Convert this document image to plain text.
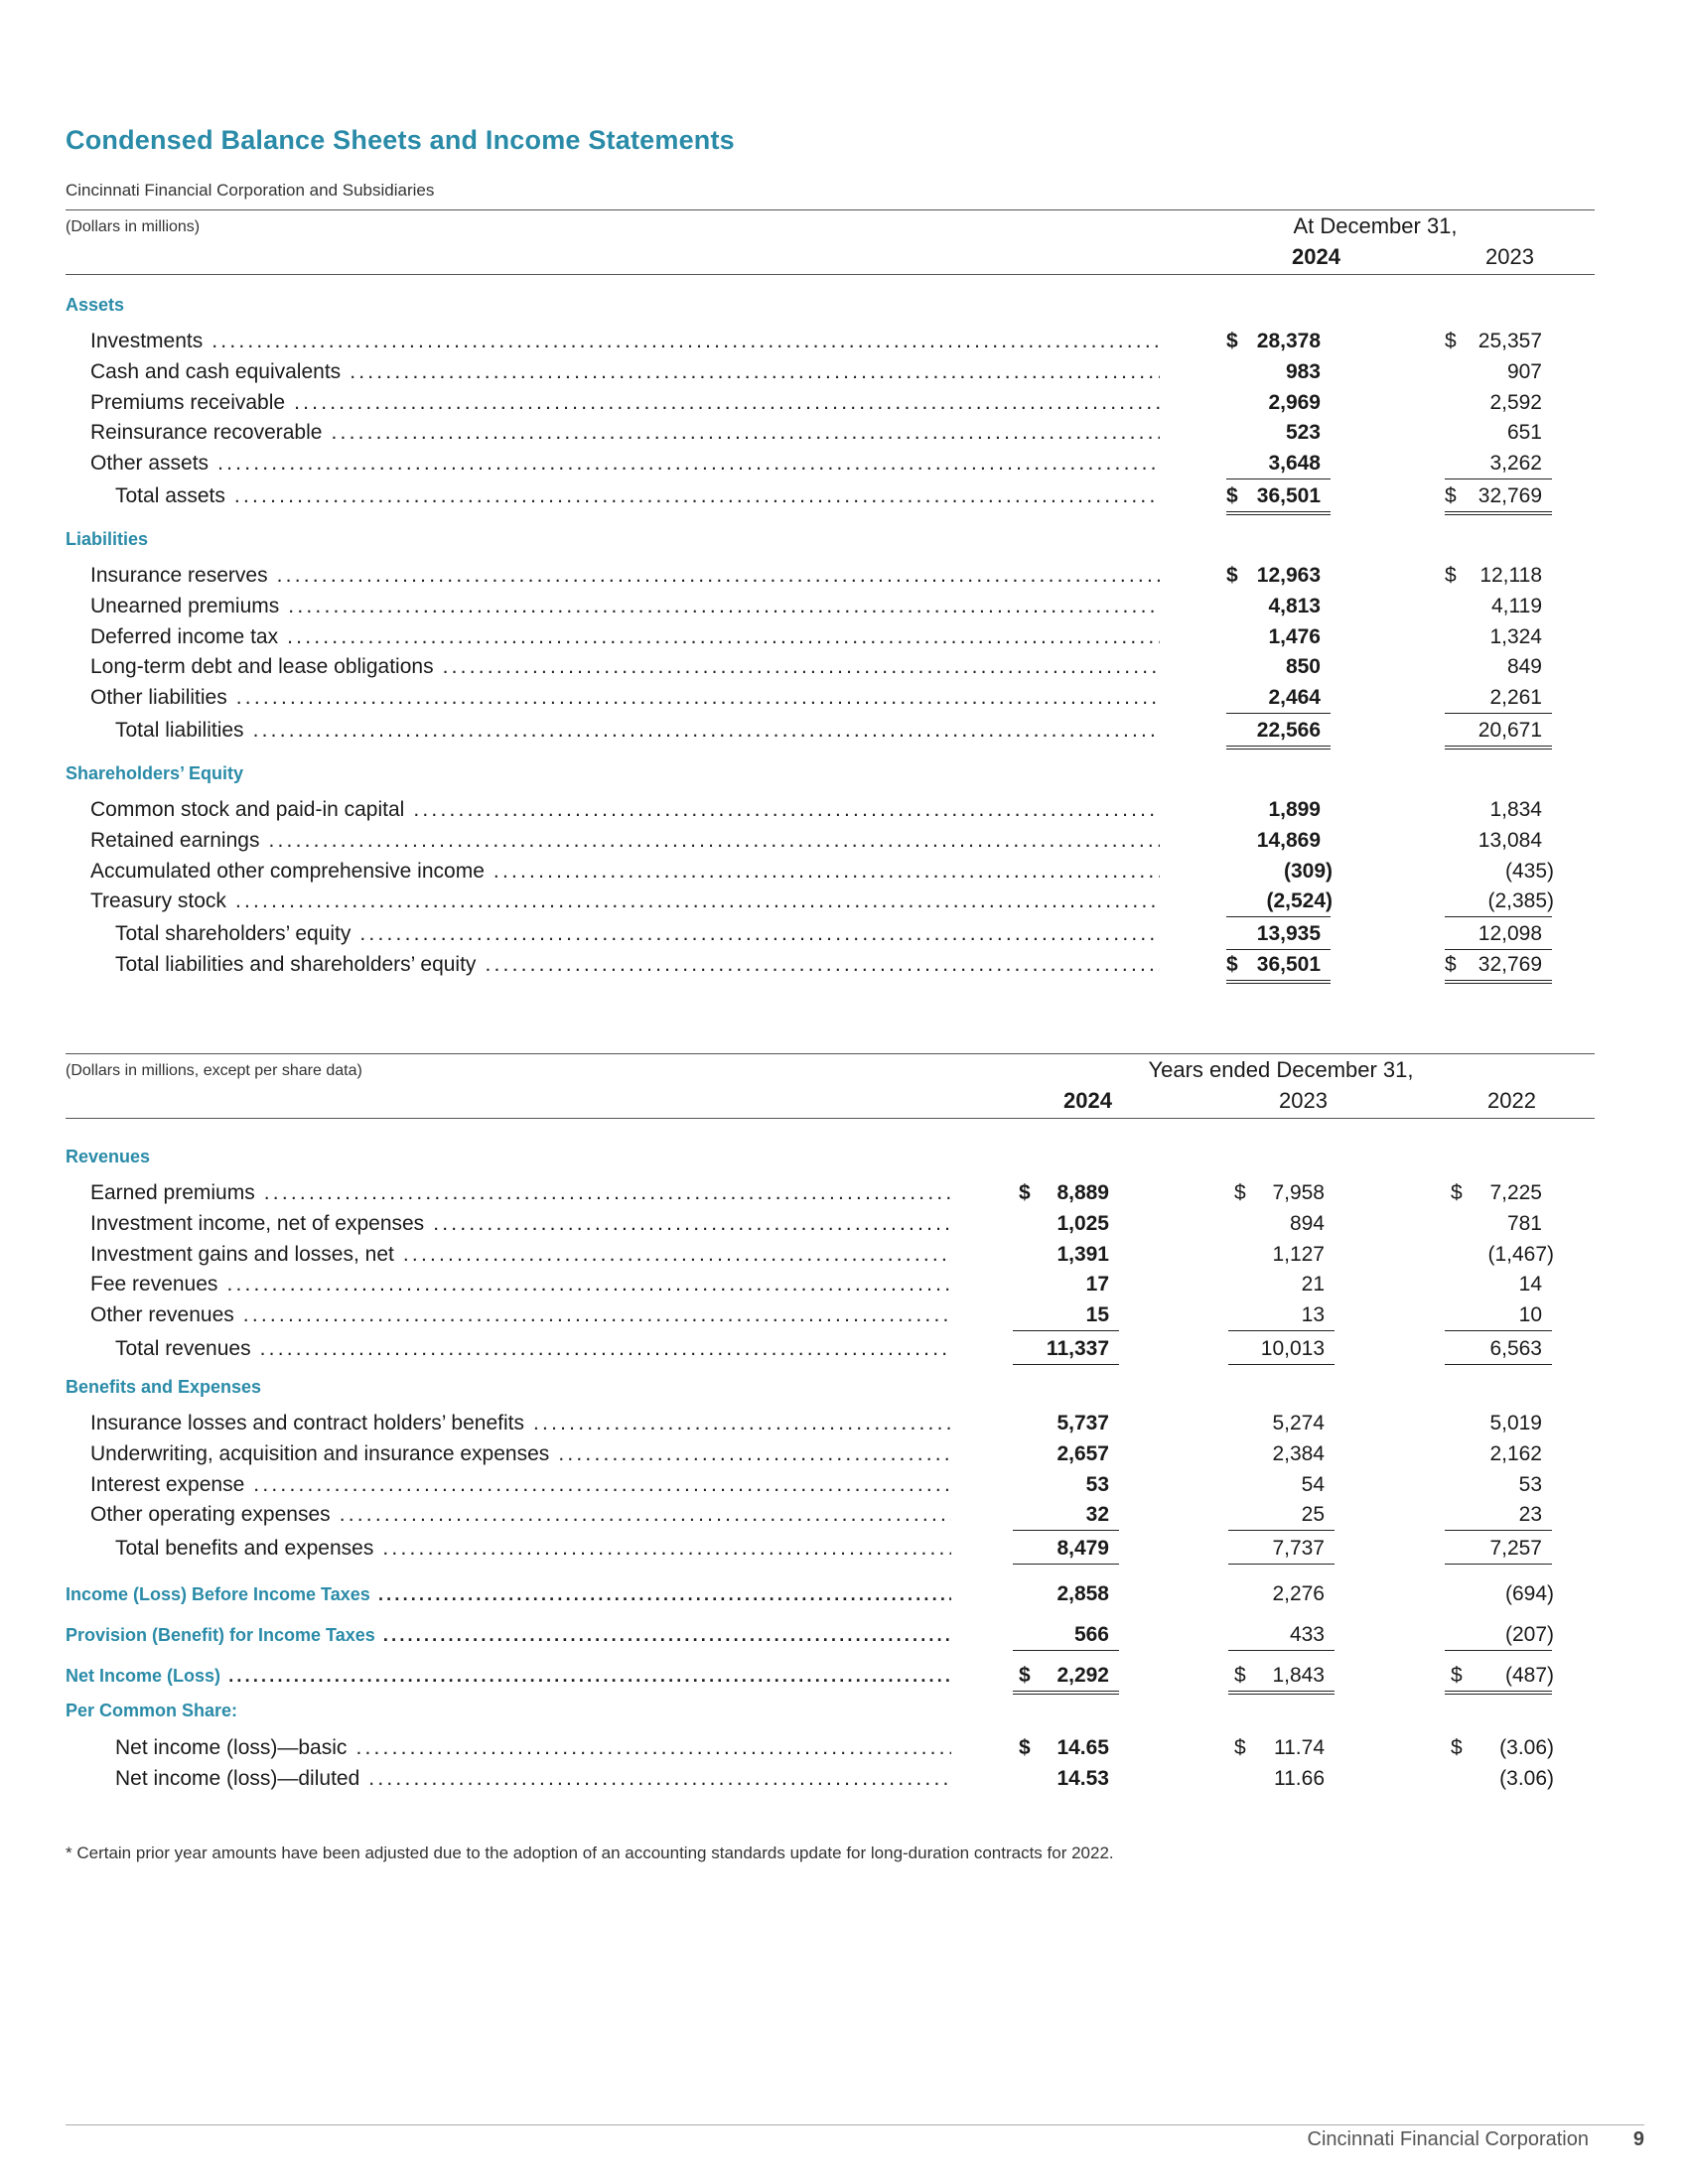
Condensed Balance Sheets and Income Statements
Cincinnati Financial Corporation and Subsidiaries
(Dollars in millions)	At December 31,
2024	2023
Assets
Investments .....	$ 28,378	$ 25,357
Cash and cash equivalents .....	983	907
Premiums receivable .....	2,969	2,592
Reinsurance recoverable .....	523	651
Other assets .....	3,648	3,262
Total assets .....	$ 36,501	$ 32,769
Liabilities
Insurance reserves .....	$ 12,963	$ 12,118
Unearned premiums .....	4,813	4,119
Deferred income tax .....	1,476	1,324
Long-term debt and lease obligations .....	850	849
Other liabilities .....	2,464	2,261
Total liabilities .....	22,566	20,671
Shareholders’ Equity
Common stock and paid-in capital .....	1,899	1,834
Retained earnings .....	14,869	13,084
Accumulated other comprehensive income .....	(309)	(435)
Treasury stock .....	(2,524)	(2,385)
Total shareholders’ equity .....	13,935	12,098
Total liabilities and shareholders’ equity .....	$ 36,501	$ 32,769
(Dollars in millions, except per share data)	Years ended December 31,
2024	2023	2022
Revenues
Earned premiums .....	$ 8,889	$ 7,958	$ 7,225
Investment income, net of expenses .....	1,025	894	781
Investment gains and losses, net .....	1,391	1,127	(1,467)
Fee revenues .....	17	21	14
Other revenues .....	15	13	10
Total revenues .....	11,337	10,013	6,563
Benefits and Expenses
Insurance losses and contract holders’ benefits .....	5,737	5,274	5,019
Underwriting, acquisition and insurance expenses .....	2,657	2,384	2,162
Interest expense .....	53	54	53
Other operating expenses .....	32	25	23
Total benefits and expenses .....	8,479	7,737	7,257
Income (Loss) Before Income Taxes .....	2,858	2,276	(694)
Provision (Benefit) for Income Taxes .....	566	433	(207)
Net Income (Loss) .....	$ 2,292	$ 1,843	$ (487)
Per Common Share:
Net income (loss)—basic .....	$ 14.65	$ 11.74	$ (3.06)
Net income (loss)—diluted .....	14.53	11.66	(3.06)
* Certain prior year amounts have been adjusted due to the adoption of an accounting standards update for long-duration contracts for 2022.
Cincinnati Financial Corporation 9
